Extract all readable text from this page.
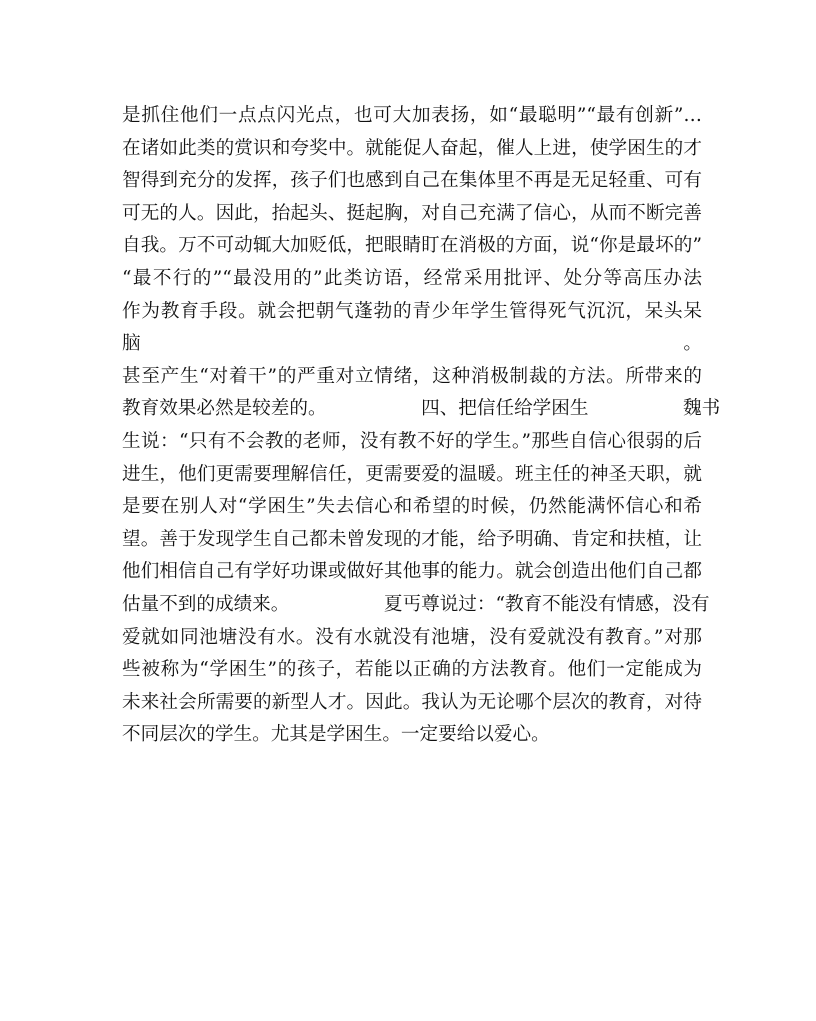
是抓住他们一点点闪光点，也可大加表扬，如“最聪明”“最有创新”…
在诸如此类的赏识和夸奖中。就能促人奋起，催人上进，使学困生的才
智得到充分的发挥，孩子们也感到自己在集体里不再是无足轻重、可有
可无的人。因此，抬起头、挺起胸，对自己充满了信心，从而不断完善
自我。万不可动辄大加贬低，把眼睛盯在消极的方面，说“你是最坏的”
“最不行的”“最没用的”此类访语，经常采用批评、处分等高压办法
作为教育手段。就会把朝气蓬勃的青少年学生管得死气沉沉，呆头呆脑。
甚至产生“对着干”的严重对立情绪，这种消极制裁的方法。所带来的
教育效果必然是较差的。                四、把信任给学困生                魏书
生说：“只有不会教的老师，没有教不好的学生。”那些自信心很弱的后
进生，他们更需要理解信任，更需要爱的温暖。班主任的神圣天职，就
是要在别人对“学困生”失去信心和希望的时候，仍然能满怀信心和希
望。善于发现学生自己都未曾发现的才能，给予明确、肯定和扶植，让
他们相信自己有学好功课或做好其他事的能力。就会创造出他们自己都
估量不到的成绩来。                夏丐尊说过：“教育不能没有情感，没有
爱就如同池塘没有水。没有水就没有池塘，没有爱就没有教育。”对那
些被称为“学困生”的孩子，若能以正确的方法教育。他们一定能成为
未来社会所需要的新型人才。因此。我认为无论哪个层次的教育，对待
不同层次的学生。尤其是学困生。一定要给以爱心。
